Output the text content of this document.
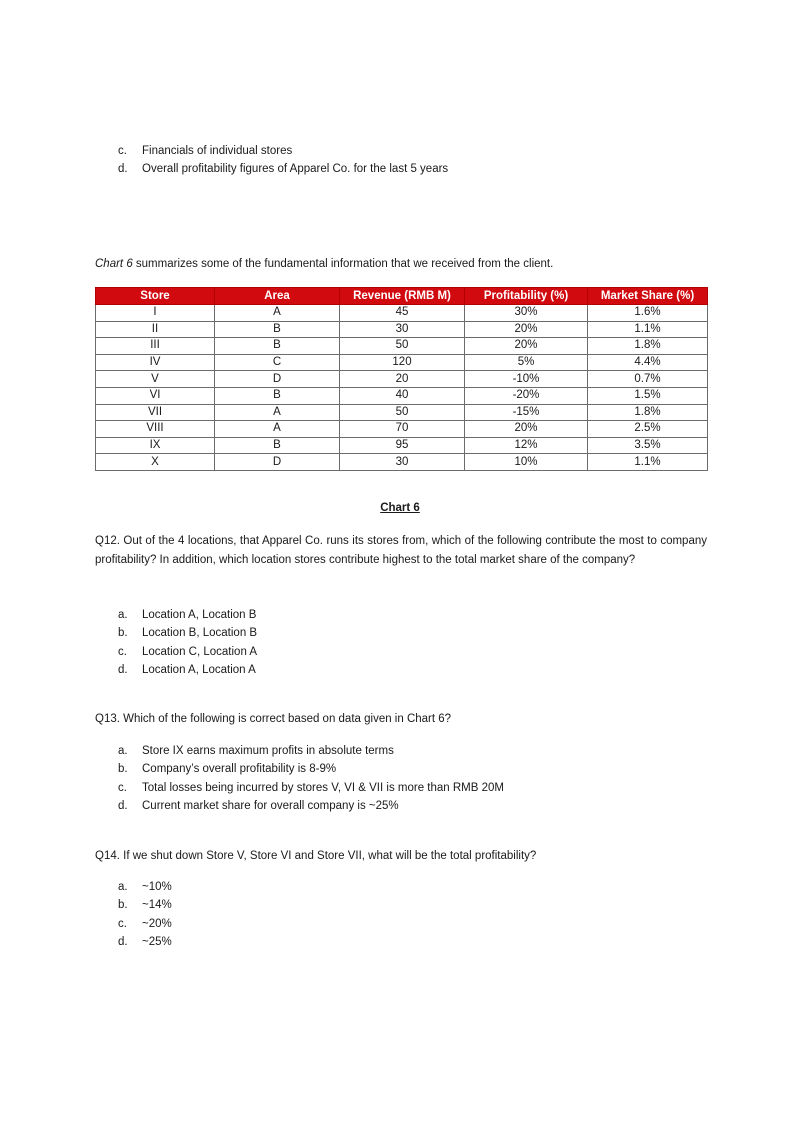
c.	Financials of individual stores
d.	Overall profitability figures of Apparel Co. for the last 5 years

Chart 6 summarizes some of the fundamental information that we received from the client.

Store	Area	Revenue (RMB M)	Profitability (%)	Market Share (%)
I	A	45	30%	1.6%
II	B	30	20%	1.1%
III	B	50	20%	1.8%
IV	C	120	5%	4.4%
V	D	20	-10%	0.7%
VI	B	40	-20%	1.5%
VII	A	50	-15%	1.8%
VIII	A	70	20%	2.5%
IX	B	95	12%	3.5%
X	D	30	10%	1.1%
Chart 6

Q12. Out of the 4 locations, that Apparel Co. runs its stores from, which of the following contribute the most to company profitability? In addition, which location stores contribute highest to the total market share of the company?

a.	Location A, Location B
b.	Location B, Location B
c.	Location C, Location A
d.	Location A, Location A

Q13. Which of the following is correct based on data given in Chart 6?

a.	Store IX earns maximum profits in absolute terms
b.	Company’s overall profitability is 8-9%
c.	Total losses being incurred by stores V, VI & VII is more than RMB 20M
d.	Current market share for overall company is ~25%

Q14. If we shut down Store V, Store VI and Store VII, what will be the total profitability?

a.	~10%
b.	~14%
c.	~20%
d.	~25%
